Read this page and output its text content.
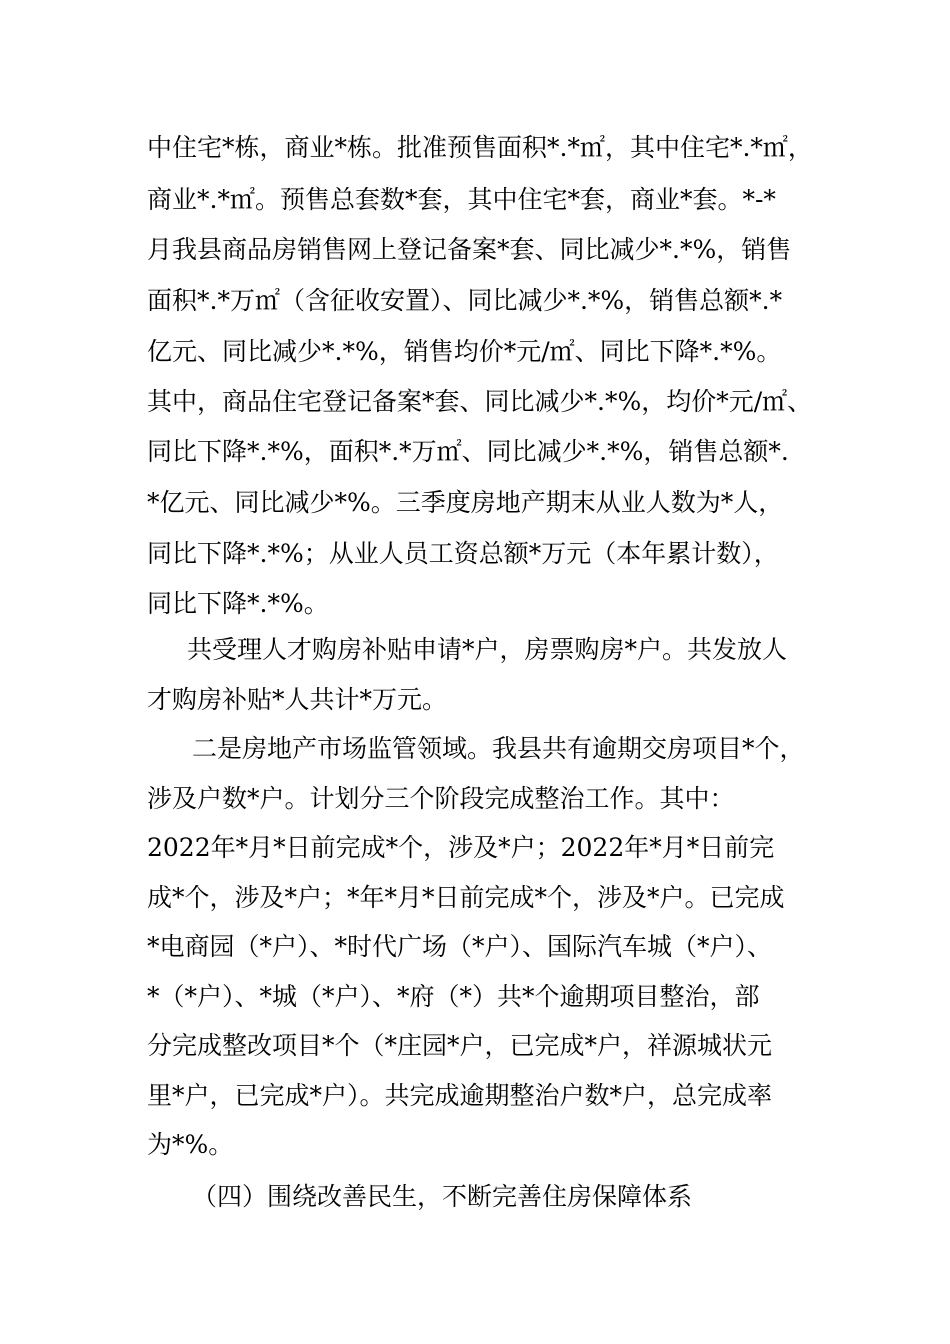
中住宅*栋，商业*栋。批准预售面积*.*㎡，其中住宅*.*㎡，
商业*.*㎡。预售总套数*套，其中住宅*套，商业*套。*-*
月我县商品房销售网上登记备案*套、同比减少*.*%，销售
面积*.*万㎡（含征收安置）、同比减少*.*%，销售总额*.*
亿元、同比减少*.*%，销售均价*元/㎡、同比下降*.*%。
其中，商品住宅登记备案*套、同比减少*.*%，均价*元/㎡、
同比下降*.*%，面积*.*万㎡、同比减少*.*%，销售总额*.
*亿元、同比减少*%。三季度房地产期末从业人数为*人，
同比下降*.*%；从业人员工资总额*万元（本年累计数），
同比下降*.*%。
共受理人才购房补贴申请*户，房票购房*户。共发放人
才购房补贴*人共计*万元。
二是房地产市场监管领域。我县共有逾期交房项目*个，
涉及户数*户。计划分三个阶段完成整治工作。其中：
2022年*月*日前完成*个，涉及*户；2022年*月*日前完
成*个，涉及*户；*年*月*日前完成*个，涉及*户。已完成
*电商园（*户）、*时代广场（*户）、国际汽车城（*户）、
*（*户）、*城（*户）、*府（*）共*个逾期项目整治，部
分完成整改项目*个（*庄园*户，已完成*户，祥源城状元
里*户，已完成*户）。共完成逾期整治户数*户，总完成率
为*%。
（四）围绕改善民生，不断完善住房保障体系
